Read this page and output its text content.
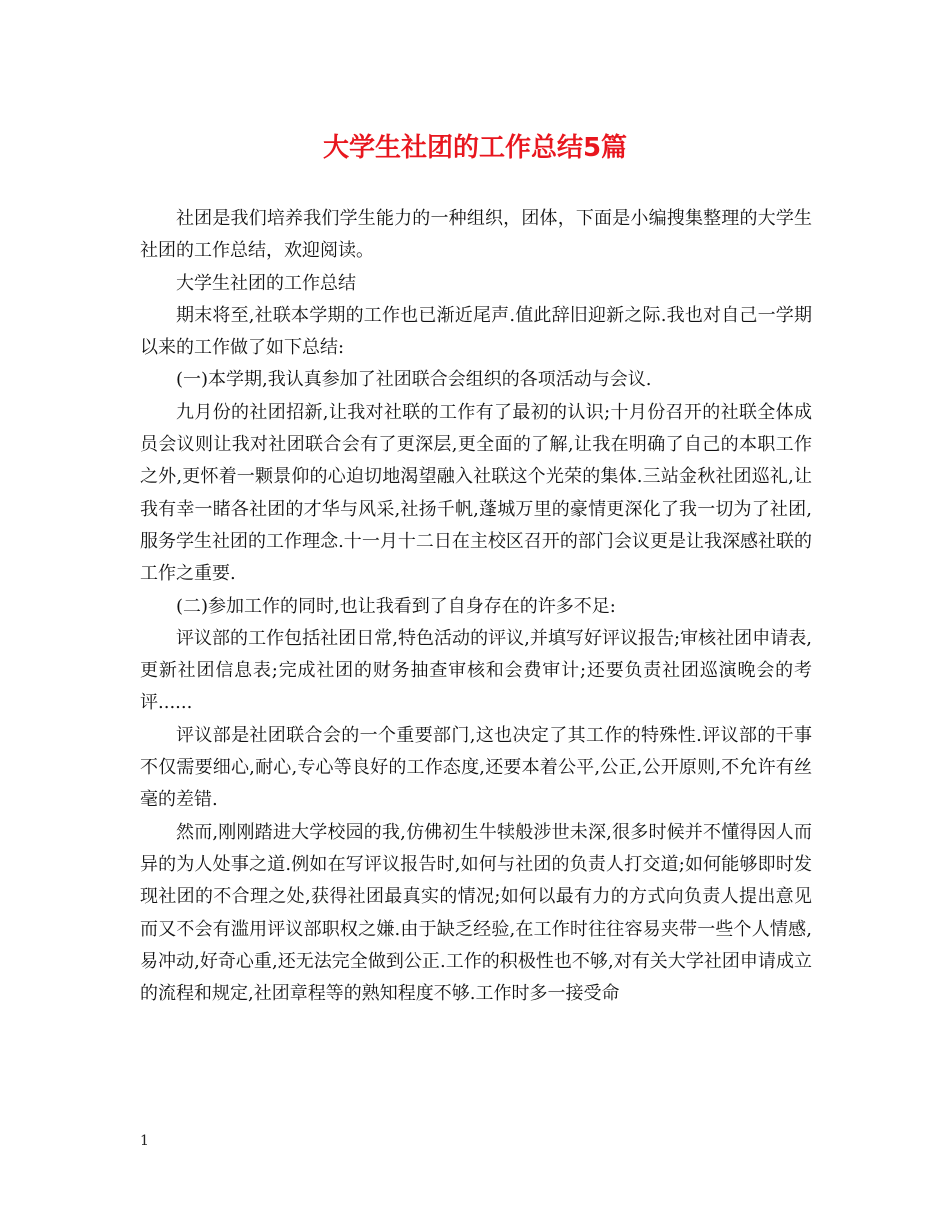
大学生社团的工作总结5篇

社团是我们培养我们学生能力的一种组织，团体，下面是小编搜集整理的大学生社团的工作总结，欢迎阅读。

大学生社团的工作总结

期末将至,社联本学期的工作也已渐近尾声.值此辞旧迎新之际.我也对自己一学期以来的工作做了如下总结:

(一)本学期,我认真参加了社团联合会组织的各项活动与会议.

九月份的社团招新,让我对社联的工作有了最初的认识;十月份召开的社联全体成员会议则让我对社团联合会有了更深层,更全面的了解,让我在明确了自己的本职工作之外,更怀着一颗景仰的心迫切地渴望融入社联这个光荣的集体.三站金秋社团巡礼,让我有幸一睹各社团的才华与风采,社扬千帆,蓬城万里的豪情更深化了我一切为了社团,服务学生社团的工作理念.十一月十二日在主校区召开的部门会议更是让我深感社联的工作之重要.

(二)参加工作的同时,也让我看到了自身存在的许多不足:

评议部的工作包括社团日常,特色活动的评议,并填写好评议报告;审核社团申请表,更新社团信息表;完成社团的财务抽查审核和会费审计;还要负责社团巡演晚会的考评......

评议部是社团联合会的一个重要部门,这也决定了其工作的特殊性.评议部的干事不仅需要细心,耐心,专心等良好的工作态度,还要本着公平,公正,公开原则,不允许有丝毫的差错.

然而,刚刚踏进大学校园的我,仿佛初生牛犊般涉世未深,很多时候并不懂得因人而异的为人处事之道.例如在写评议报告时,如何与社团的负责人打交道;如何能够即时发现社团的不合理之处,获得社团最真实的情况;如何以最有力的方式向负责人提出意见而又不会有滥用评议部职权之嫌.由于缺乏经验,在工作时往往容易夹带一些个人情感,易冲动,好奇心重,还无法完全做到公正.工作的积极性也不够,对有关大学社团申请成立的流程和规定,社团章程等的熟知程度不够.工作时多一接受命

1
